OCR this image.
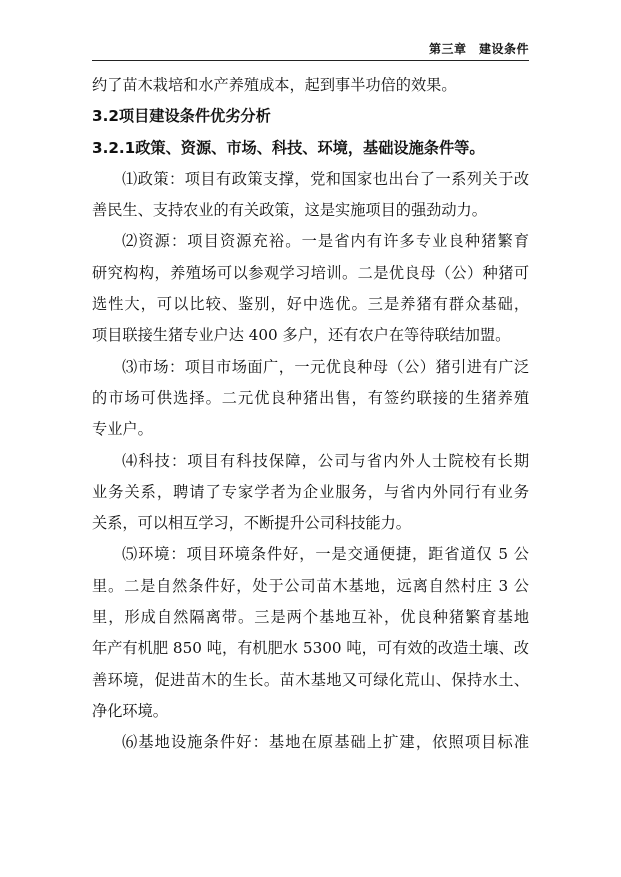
第三章　建设条件
约了苗木栽培和水产养殖成本，起到事半功倍的效果。
3.2项目建设条件优劣分析
3.2.1政策、资源、市场、科技、环境，基础设施条件等。
⑴政策：项目有政策支撑，党和国家也出台了一系列关于改
善民生、支持农业的有关政策，这是实施项目的强劲动力。
⑵资源：项目资源充裕。一是省内有许多专业良种猪繁育
研究构构，养殖场可以参观学习培训。二是优良母（公）种猪可
选性大，可以比较、鉴别，好中选优。三是养猪有群众基础，
项目联接生猪专业户达 400 多户，还有农户在等待联结加盟。
⑶市场：项目市场面广，一元优良种母（公）猪引进有广泛
的市场可供选择。二元优良种猪出售，有签约联接的生猪养殖
专业户。
⑷科技：项目有科技保障，公司与省内外人士院校有长期
业务关系，聘请了专家学者为企业服务，与省内外同行有业务
关系，可以相互学习，不断提升公司科技能力。
⑸环境：项目环境条件好，一是交通便捷，距省道仅 5 公
里。二是自然条件好，处于公司苗木基地，远离自然村庄 3 公
里，形成自然隔离带。三是两个基地互补，优良种猪繁育基地
年产有机肥 850 吨，有机肥水 5300 吨，可有效的改造土壤、改
善环境，促进苗木的生长。苗木基地又可绿化荒山、保持水土、
净化环境。
⑹基地设施条件好：基地在原基础上扩建，依照项目标准
